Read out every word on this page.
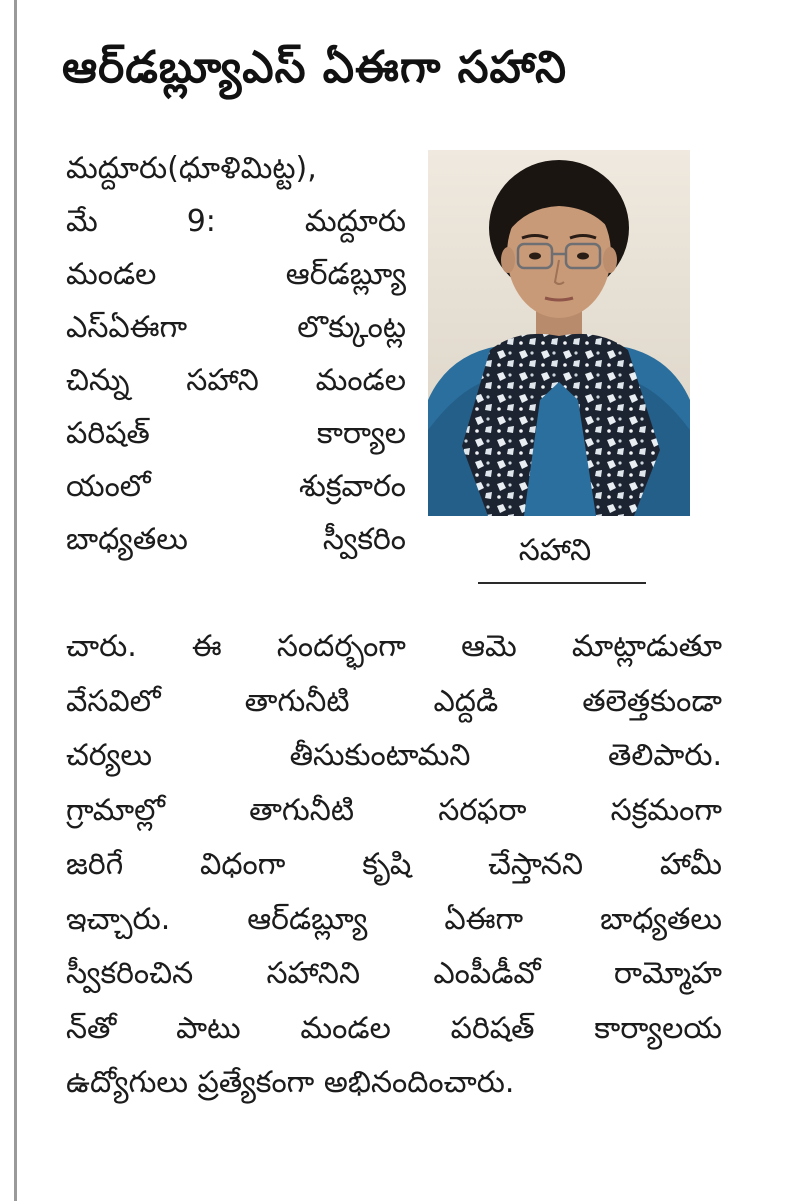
ఆర్‌డబ్ల్యూఎస్ ఏఈగా సహాని
మద్దూరు(ధూళిమిట్ట),
మే 9: మద్దూరు
మండల ఆర్‌డబ్ల్యూ
ఎస్ఏఈగా లొక్కుంట్ల
చిన్ను సహాని మండల
పరిషత్ కార్యాల
యంలో శుక్రవారం
బాధ్యతలు స్వీకరిం	సహాని
చారు. ఈ సందర్భంగా ఆమె మాట్లాడుతూ
వేసవిలో తాగునీటి ఎద్దడి తలెత్తకుండా
చర్యలు తీసుకుంటామని తెలిపారు.
గ్రామాల్లో తాగునీటి సరఫరా సక్రమంగా
జరిగే విధంగా కృషి చేస్తానని హామీ
ఇచ్చారు. ఆర్‌డబ్ల్యూ ఏఈగా బాధ్యతలు
స్వీకరించిన సహానిని ఎంపీడీవో రామ్మోహ
న్‌తో పాటు మండల పరిషత్ కార్యాలయ
ఉద్యోగులు ప్రత్యేకంగా అభినందించారు.
